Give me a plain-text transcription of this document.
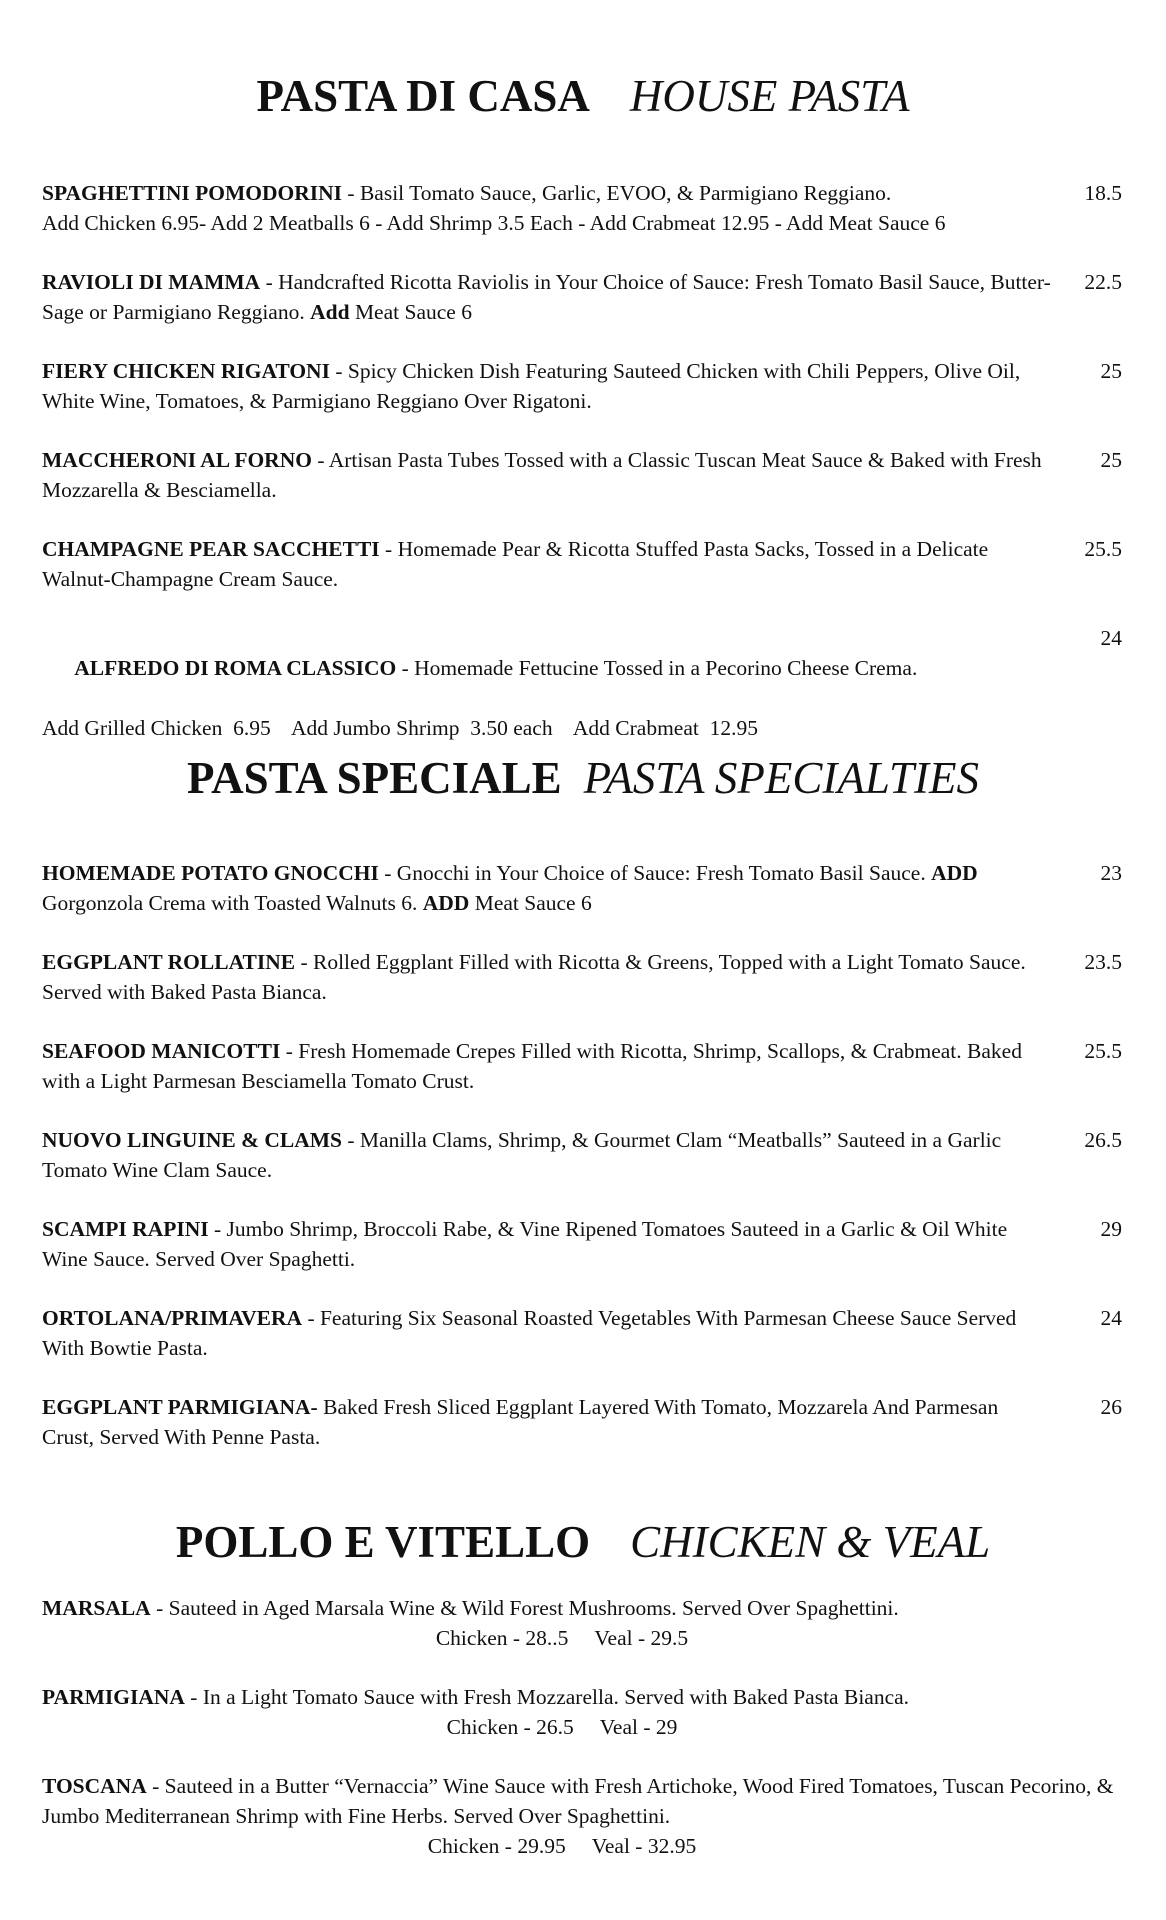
PASTA DI CASA HOUSE PASTA
SPAGHETTINI POMODORINI - Basil Tomato Sauce, Garlic, EVOO, & Parmigiano Reggiano.
Add Chicken 6.95- Add 2 Meatballs 6 - Add Shrimp 3.5 Each - Add Crabmeat 12.95 - Add Meat Sauce 6
18.5
RAVIOLI DI MAMMA - Handcrafted Ricotta Raviolis in Your Choice of Sauce: Fresh Tomato Basil Sauce, Butter-Sage or Parmigiano Reggiano. Add Meat Sauce 6
22.5
FIERY CHICKEN RIGATONI - Spicy Chicken Dish Featuring Sauteed Chicken with Chili Peppers, Olive Oil, White Wine, Tomatoes, & Parmigiano Reggiano Over Rigatoni.
25
MACCHERONI AL FORNO - Artisan Pasta Tubes Tossed with a Classic Tuscan Meat Sauce & Baked with Fresh Mozzarella & Besciamella.
25
CHAMPAGNE PEAR SACCHETTI - Homemade Pear & Ricotta Stuffed Pasta Sacks, Tossed in a Delicate Walnut-Champagne Cream Sauce.
25.5

ALFREDO DI ROMA CLASSICO - Homemade Fettucine Tossed in a Pecorino Cheese Crema.

Add Grilled Chicken  6.95    Add Jumbo Shrimp  3.50 each    Add Crabmeat  12.95

24
PASTA SPECIALE PASTA SPECIALTIES
HOMEMADE POTATO GNOCCHI - Gnocchi in Your Choice of Sauce: Fresh Tomato Basil Sauce. ADD Gorgonzola Crema with Toasted Walnuts 6. ADD Meat Sauce 6
23
EGGPLANT ROLLATINE - Rolled Eggplant Filled with Ricotta & Greens, Topped with a Light Tomato Sauce. Served with Baked Pasta Bianca.
23.5
SEAFOOD MANICOTTI - Fresh Homemade Crepes Filled with Ricotta, Shrimp, Scallops, & Crabmeat. Baked with a Light Parmesan Besciamella Tomato Crust.
25.5
NUOVO LINGUINE & CLAMS - Manilla Clams, Shrimp, & Gourmet Clam “Meatballs” Sauteed in a Garlic Tomato Wine Clam Sauce.
26.5
SCAMPI RAPINI - Jumbo Shrimp, Broccoli Rabe, & Vine Ripened Tomatoes Sauteed in a Garlic & Oil White Wine Sauce. Served Over Spaghetti.
29
ORTOLANA/PRIMAVERA - Featuring Six Seasonal Roasted Vegetables With Parmesan Cheese Sauce Served With Bowtie Pasta.
24
EGGPLANT PARMIGIANA- Baked Fresh Sliced Eggplant Layered With Tomato, Mozzarela And Parmesan Crust, Served With Penne Pasta.
26
POLLO E VITELLO CHICKEN & VEAL
MARSALA - Sauteed in Aged Marsala Wine & Wild Forest Mushrooms. Served Over Spaghettini.
Chicken - 28..5 Veal - 29.5
PARMIGIANA - In a Light Tomato Sauce with Fresh Mozzarella. Served with Baked Pasta Bianca.
Chicken - 26.5 Veal - 29
TOSCANA - Sauteed in a Butter “Vernaccia” Wine Sauce with Fresh Artichoke, Wood Fired Tomatoes, Tuscan Pecorino, & Jumbo Mediterranean Shrimp with Fine Herbs. Served Over Spaghettini.
Chicken - 29.95 Veal - 32.95
